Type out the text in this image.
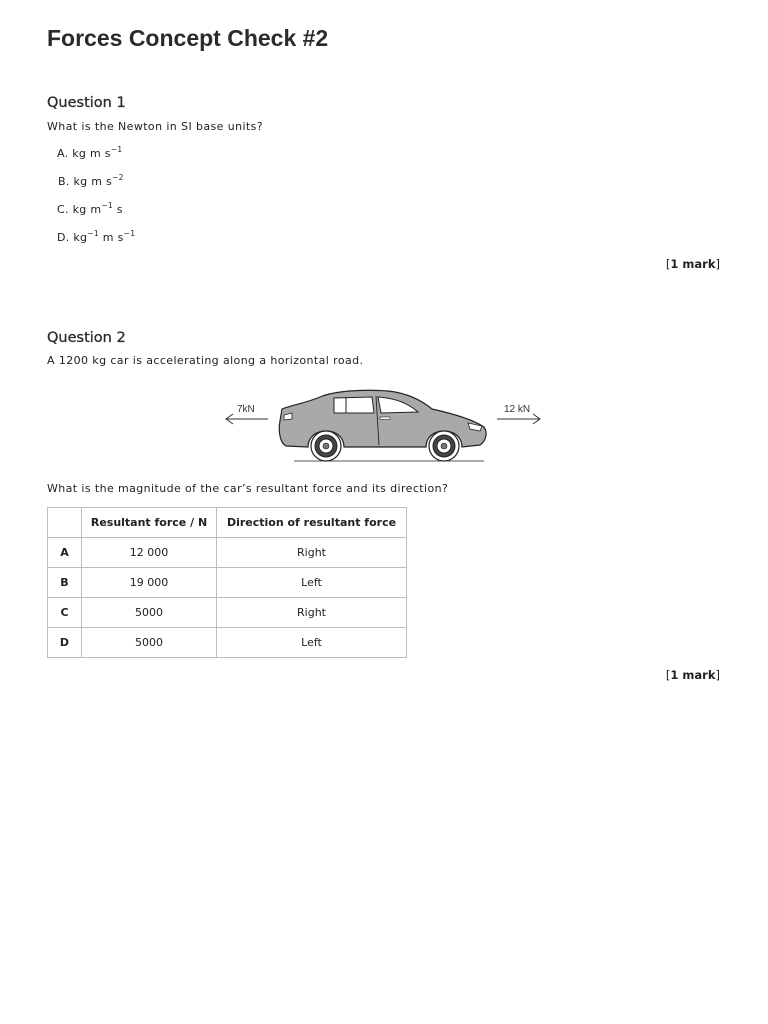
Forces Concept Check #2
Question 1

What is the Newton in SI base units?

A. kg m $s^{-1}$
B. kg m $s^{-2}$
C. kg $m^{-1}$ s
D. $kg^{-1}$ m $s^{-1}$
[1 mark]
Question 2

A 1200 kg car is accelerating along a horizontal road.

7kN	12 kN

What is the magnitude of the car’s resultant force and its direction?

	Resultant force / N	Direction of resultant force
A	12 000	Right
B	19 000	Left
C	5000	Right
D	5000	Left
[1 mark]
